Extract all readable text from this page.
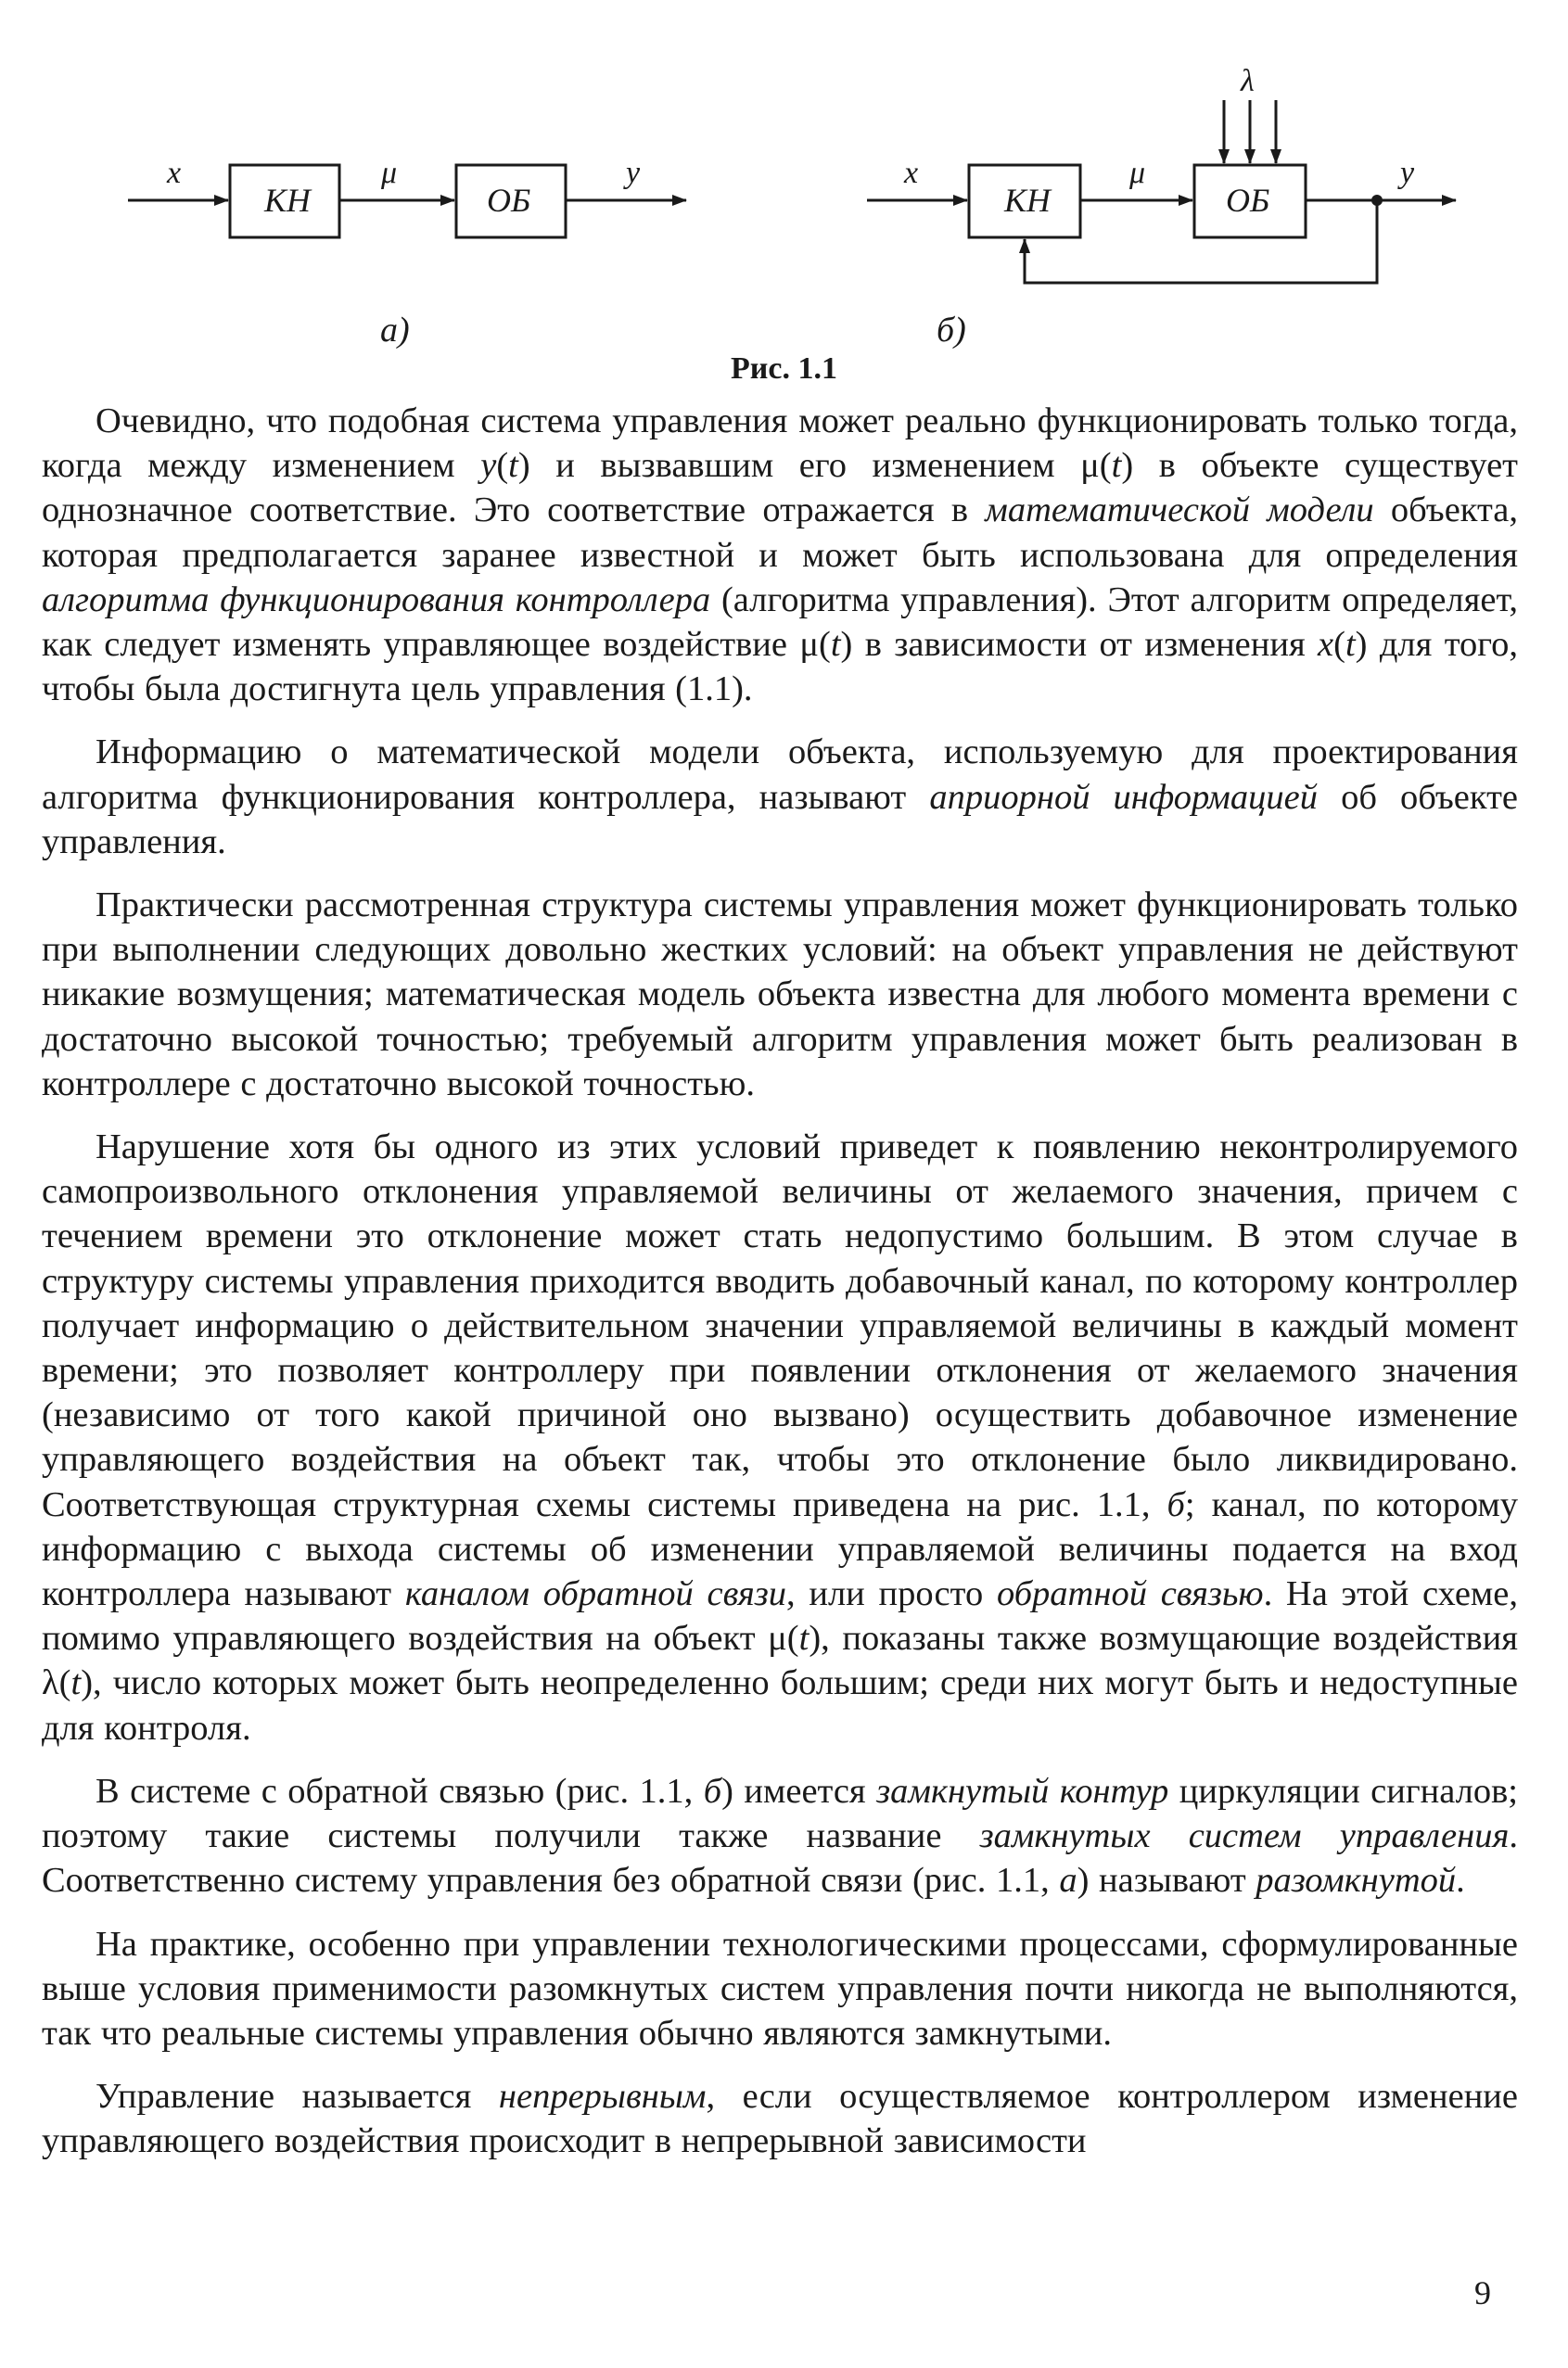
x
КН
μ
ОБ
y
а)
x
КН
μ
ОБ
y
λ
б)
Рис. 1.1

Очевидно, что подобная система управления может реально функционировать только тогда, когда между изменением y(t) и вызвавшим его изменением μ(t) в объекте существует однозначное соответствие. Это соответствие отражается в математической модели объекта, которая предполагается заранее известной и может быть использована для определения алгоритма функционирования контроллера (алгоритма управления). Этот алгоритм определяет, как следует изменять управляющее воздействие μ(t) в зависимости от изменения x(t) для того, чтобы была достигнута цель управления (1.1).

Информацию о математической модели объекта, используемую для проектирования алгоритма функционирования контроллера, называют априорной информацией об объекте управления.

Практически рассмотренная структура системы управления может функционировать только при выполнении следующих довольно жестких условий: на объект управления не действуют никакие возмущения; математическая модель объекта известна для любого момента времени с достаточно высокой точностью; требуемый алгоритм управления может быть реализован в контроллере с достаточно высокой точностью.

Нарушение хотя бы одного из этих условий приведет к появлению неконтролируемого самопроизвольного отклонения управляемой величины от желаемого значения, причем с течением времени это отклонение может стать недопустимо большим. В этом случае в структуру системы управления приходится вводить добавочный канал, по которому контроллер получает информацию о действительном значении управляемой величины в каждый момент времени; это позволяет контроллеру при появлении отклонения от желаемого значения (независимо от того какой причиной оно вызвано) осуществить добавочное изменение управляющего воздействия на объект так, чтобы это отклонение было ликвидировано. Соответствующая структурная схемы системы приведена на рис. 1.1, б; канал, по которому информацию с выхода системы об изменении управляемой величины подается на вход контроллера называют каналом обратной связи, или просто обратной связью. На этой схеме, помимо управляющего воздействия на объект μ(t), показаны также возмущающие воздействия λ(t), число которых может быть неопределенно большим; среди них могут быть и недоступные для контроля.

В системе с обратной связью (рис. 1.1, б) имеется замкнутый контур циркуляции сигналов; поэтому такие системы получили также название замкнутых систем управления. Соответственно систему управления без обратной связи (рис. 1.1, а) называют разомкнутой.

На практике, особенно при управлении технологическими процессами, сформулированные выше условия применимости разомкнутых систем управления почти никогда не выполняются, так что реальные системы управления обычно являются замкнутыми.

Управление называется непрерывным, если осуществляемое контроллером изменение управляющего воздействия происходит в непрерывной зависимости

9
